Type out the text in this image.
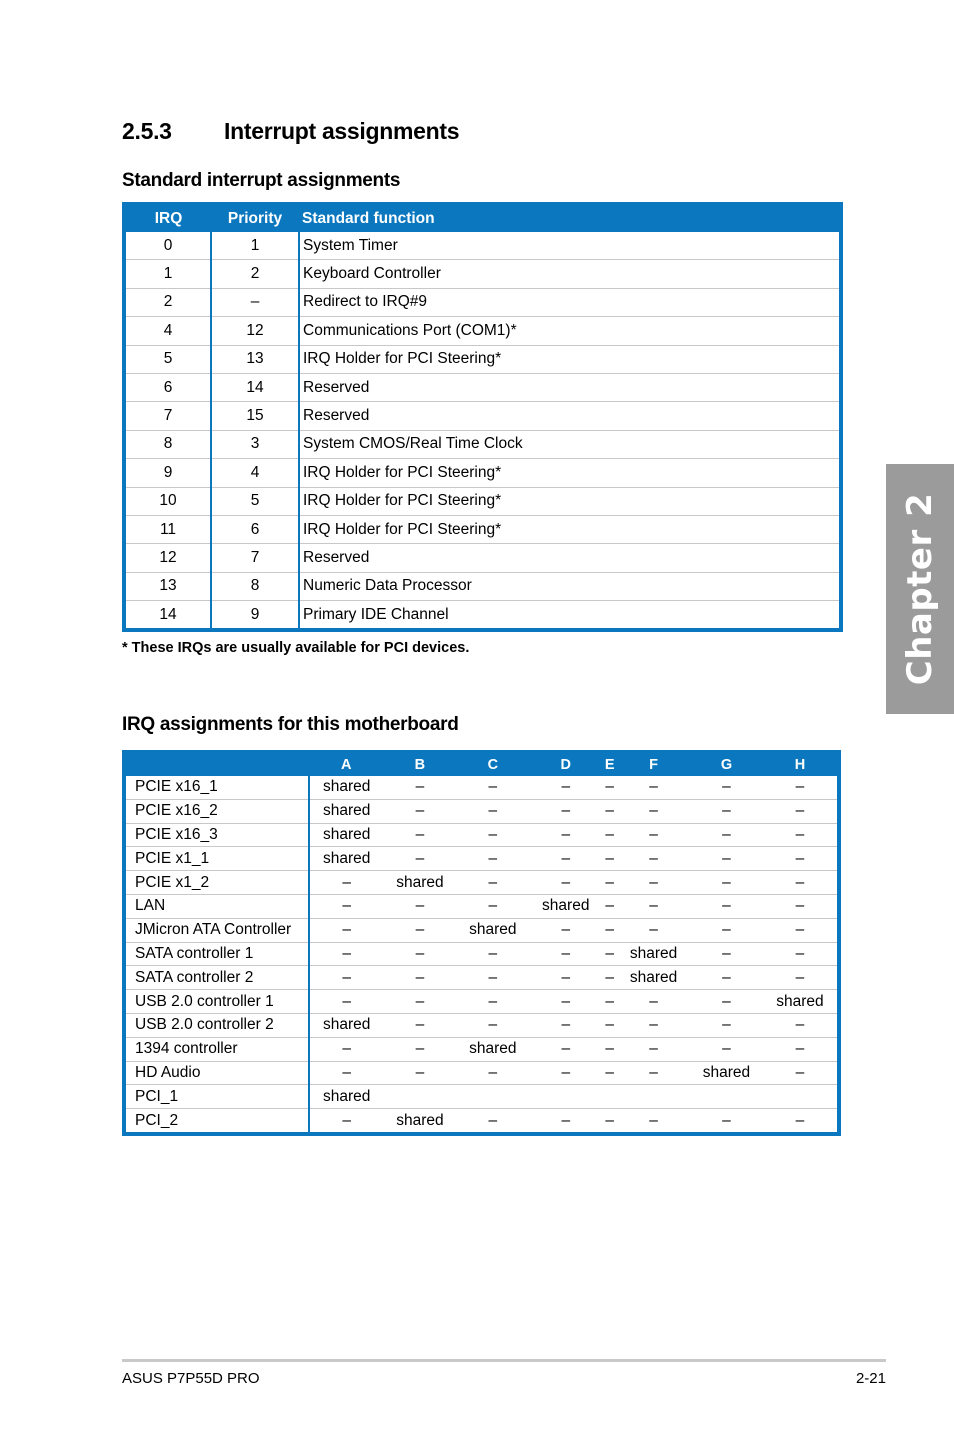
2.5.3 Interrupt assignments
Standard interrupt assignments
IRQ	Priority	Standard function
0	1	System Timer
1	2	Keyboard Controller
2	–	Redirect to IRQ#9
4	12	Communications Port (COM1)*
5	13	IRQ Holder for PCI Steering*
6	14	Reserved
7	15	Reserved
8	3	System CMOS/Real Time Clock
9	4	IRQ Holder for PCI Steering*
10	5	IRQ Holder for PCI Steering*
11	6	IRQ Holder for PCI Steering*
12	7	Reserved
13	8	Numeric Data Processor
14	9	Primary IDE Channel

* These IRQs are usually available for PCI devices.

IRQ assignments for this motherboard
	A	B	C	D	E	F	G	H
PCIE x16_1	shared	–	–	–	–	–	–	–
PCIE x16_2	shared	–	–	–	–	–	–	–
PCIE x16_3	shared	–	–	–	–	–	–	–
PCIE x1_1	shared	–	–	–	–	–	–	–
PCIE x1_2	–	shared	–	–	–	–	–	–
LAN	–	–	–	shared	–	–	–	–
JMicron ATA Controller	–	–	shared	–	–	–	–	–
SATA controller 1	–	–	–	–	–	shared	–	–
SATA controller 2	–	–	–	–	–	shared	–	–
USB 2.0 controller 1	–	–	–	–	–	–	–	shared
USB 2.0 controller 2	shared	–	–	–	–	–	–	–
1394 controller	–	–	shared	–	–	–	–	–
HD Audio	–	–	–	–	–	–	shared	–
PCI_1	shared							
PCI_2	–	shared	–	–	–	–	–	–
Chapter 2
ASUS P7P55D PRO	2-21
